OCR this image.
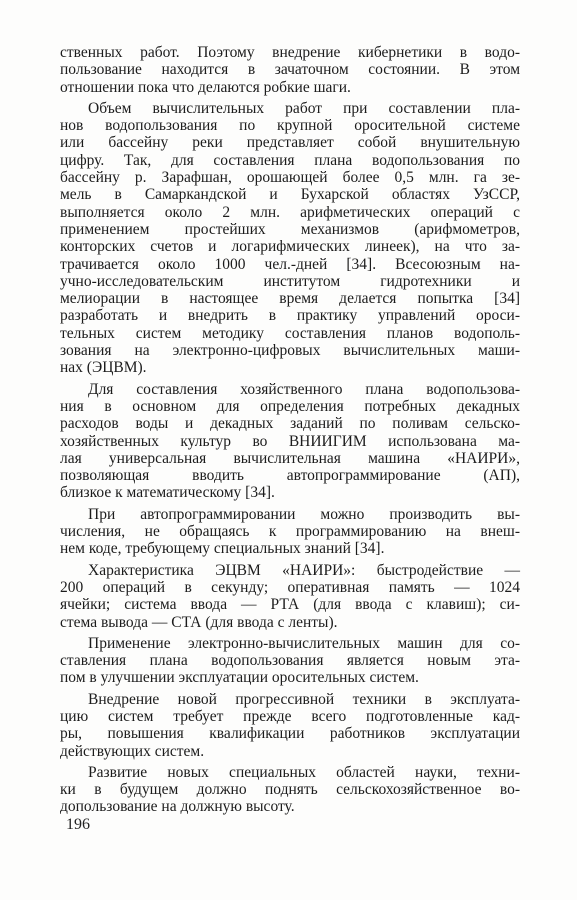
ственных работ. Поэтому внедрение кибернетики в водо-
пользование находится в зачаточном состоянии. В этом
отношении пока что делаются робкие шаги.
Объем вычислительных работ при составлении пла-
нов водопользования по крупной оросительной системе
или бассейну реки представляет собой внушительную
цифру. Так, для составления плана водопользования по
бассейну р. Зарафшан, орошающей более 0,5 млн. га зе-
мель в Самаркандской и Бухарской областях УзССР,
выполняется около 2 млн. арифметических операций с
применением простейших механизмов (арифмометров,
конторских счетов и логарифмических линеек), на что за-
трачивается около 1000 чел.-дней [34]. Всесоюзным на-
учно-исследовательским институтом гидротехники и
мелиорации в настоящее время делается попытка [34]
разработать и внедрить в практику управлений ороси-
тельных систем методику составления планов водополь-
зования на электронно-цифровых вычислительных маши-
нах (ЭЦВМ).
Для составления хозяйственного плана водопользова-
ния в основном для определения потребных декадных
расходов воды и декадных заданий по поливам сельско-
хозяйственных культур во ВНИИГИМ использована ма-
лая универсальная вычислительная машина «НАИРИ»,
позволяющая вводить автопрограммирование (АП),
близкое к математическому [34].
При автопрограммировании можно производить вы-
числения, не обращаясь к программированию на внеш-
нем коде, требующему специальных знаний [34].
Характеристика ЭЦВМ «НАИРИ»: быстродействие —
200 операций в секунду; оперативная память — 1024
ячейки; система ввода — РТА (для ввода с клавиш); си-
стема вывода — СТА (для ввода с ленты).
Применение электронно-вычислительных машин для со-
ставления плана водопользования является новым эта-
пом в улучшении эксплуатации оросительных систем.
Внедрение новой прогрессивной техники в эксплуата-
цию систем требует прежде всего подготовленные кад-
ры, повышения квалификации работников эксплуатации
действующих систем.
Развитие новых специальных областей науки, техни-
ки в будущем должно поднять сельскохозяйственное во-
допользование на должную высоту.
196
